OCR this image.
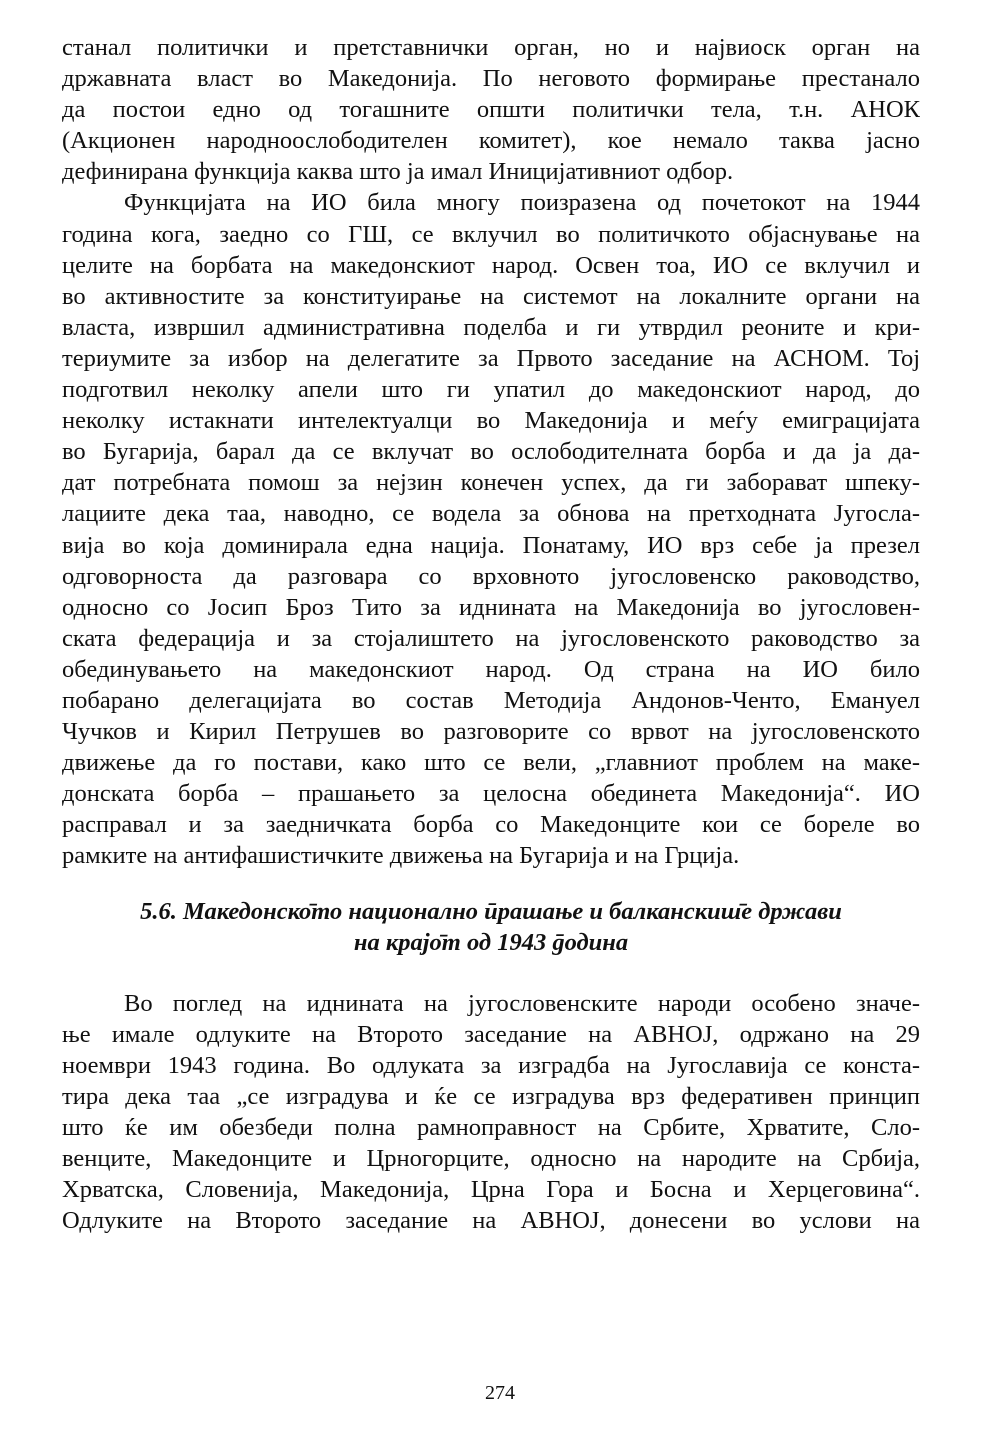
станал политички и претставнички орган, но и највиоск орган на
државната власт во Македонија. По неговото формирање престанало
да постои едно од тогашните општи политички тела, т.н. АНОК
(Акционен народноослободителен комитет), кое немало таква јасно
дефинирана функција каква што ја имал Иницијативниот одбор.
Функцијата на ИО била многу поизразена од почетокот на 1944
година кога, заедно со ГШ, се вклучил во политичкото објаснување на
целите на борбата на македонскиот народ. Освен тоа, ИО се вклучил и
во активностите за конституирање на системот на локалните органи на
власта, извршил административна поделба и ги утврдил реоните и кри-
териумите за избор на делегатите за Првото заседание на АСНОМ. Тој
подготвил неколку апели што ги упатил до македонскиот народ, до
неколку истакнати интелектуалци во Македонија и меѓу емиграцијата
во Бугарија, барал да се вклучат во ослободителната борба и да ја да-
дат потребната помош за нејзин конечен успех, да ги заборават шпеку-
лациите дека таа, наводно, се водела за обнова на претходната Југосла-
вија во која доминирала една нација. Понатаму, ИО врз себе ја презел
одговорноста да разговара со врховното југословенско раководство,
односно со Јосип Броз Тито за иднината на Македонија во југословен-
ската федерација и за стојалиштето на југословенското раководство за
обединувањето на македонскиот народ. Од страна на ИО било
побарано делегацијата во состав Методија Андонов-Ченто, Емануел
Чучков и Кирил Петрушев во разговорите со врвот на југословенското
движење да го постави, како што се вели, „главниот проблем на маке-
донската борба – прашањето за целосна обединета Македонија“. ИО
расправал и за заедничката борба со Македонците кои се бореле во
рамките на антифашистичките движења на Бугарија и на Грција.
5.6. Македонско̄то национално ӣрашање и балканскиш̄е држави
на крајо̄т од 1943 ḡодина
Во поглед на иднината на југословенските народи особено значе-
ње имале одлуките на Второто заседание на АВНОЈ, одржано на 29
ноември 1943 година. Во одлуката за изградба на Југославија се конста-
тира дека таа „се изградува и ќе се изградува врз федеративен принцип
што ќе им обезбеди полна рамноправност на Србите, Хрватите, Сло-
венците, Македонците и Црногорците, односно на народите на Србија,
Хрватска, Словенија, Македонија, Црна Гора и Босна и Херцеговина“.
Одлуките на Второто заседание на АВНОЈ, донесени во услови на
274
